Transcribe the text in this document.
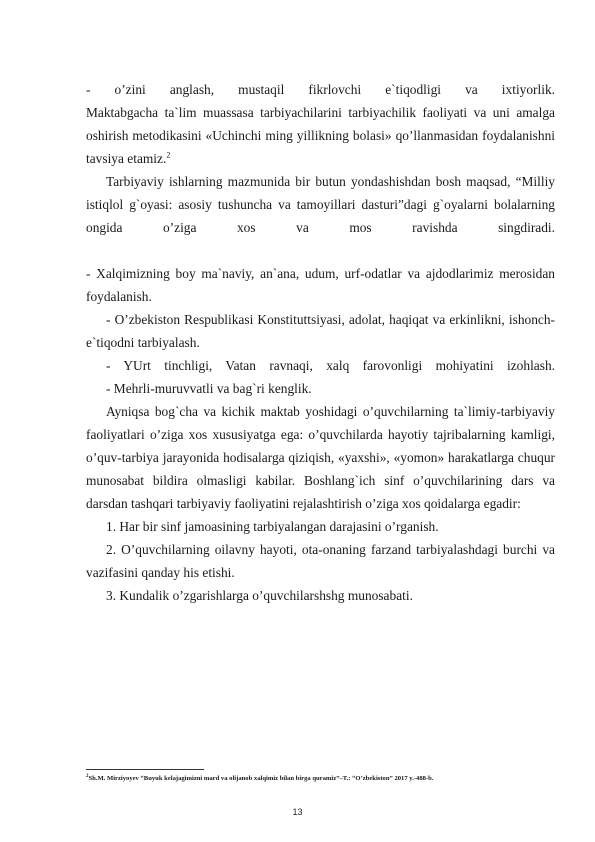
- o’zini anglash, mustaqil fikrlovchi e`tiqodligi va ixtiyorlik.

Maktabgacha ta`lim muassasa tarbiyachilarini tarbiyachilik faoliyati va uni amalga oshirish metodikasini «Uchinchi ming yillikning bolasi» qo’llanmasidan foydalanishni tavsiya etamiz.$^2$

Tarbiyaviy ishlarning mazmunida bir butun yondashishdan bosh maqsad, “Milliy istiqlol g`oyasi: asosiy tushuncha va tamoyillari dasturi”dagi g`oyalarni bolalarning ongida o’ziga xos va mos ravishda singdiradi.

- Xalqimizning boy ma`naviy, an`ana, udum, urf-odatlar va ajdodlarimiz merosidan foydalanish.

- O’zbekiston Respublikasi Konstituttsiyasi, adolat, haqiqat va erkinlikni, ishonch-e`tiqodni tarbiyalash.

- YUrt tinchligi, Vatan ravnaqi, xalq farovonligi mohiyatini izohlash.

- Mehrli-muruvvatli va bag`ri kenglik.

Ayniqsa bog`cha va kichik maktab yoshidagi o’quvchilarning ta`limiy-tarbiyaviy faoliyatlari o’ziga xos xususiyatga ega: o’quvchilarda hayotiy tajribalarning kamligi, o’quv-tarbiya jarayonida hodisalarga qiziqish, «yaxshi», «yomon» harakatlarga chuqur munosabat bildira olmasligi kabilar. Boshlang`ich sinf o’quvchilarining dars va darsdan tashqari tarbiyaviy faoliyatini rejalashtirish o’ziga xos qoidalarga egadir:

1. Har bir sinf jamoasining tarbiyalangan darajasini o’rganish.

2. O’quvchilarning oilavny hayoti, ota-onaning farzand tarbiyalashdagi burchi va vazifasini qanday his etishi.

3. Kundalik o’zgarishlarga o’quvchilarshshg munosabati.

$^2$Sh.M. Mirziyoyev “Buyuk kelajagimizni mard va olijanob xalqimiz bilan birga quramiz”–T.: “O’zbekiston” 2017 y.-488-b.
13
